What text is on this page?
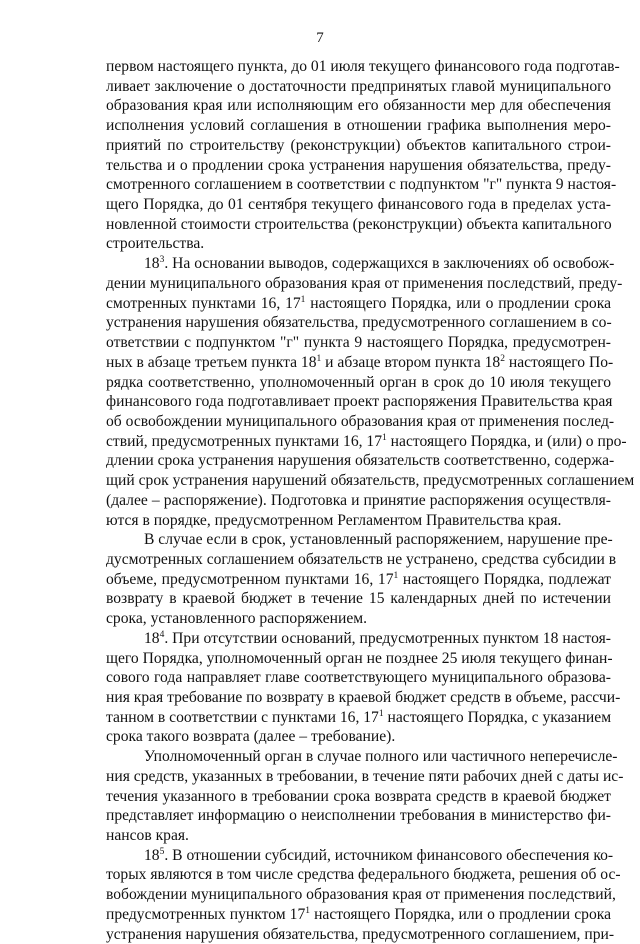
7
первом настоящего пункта, до 01 июля текущего финансового года подготав-
ливает заключение о достаточности предпринятых главой муниципального
образования края или исполняющим его обязанности мер для обеспечения
исполнения условий соглашения в отношении графика выполнения меро-
приятий по строительству (реконструкции) объектов капитального строи-
тельства и о продлении срока устранения нарушения обязательства, преду-
смотренного соглашением в соответствии с подпунктом "г" пункта 9 настоя-
щего Порядка, до 01 сентября текущего финансового года в пределах уста-
новленной стоимости строительства (реконструкции) объекта капитального
строительства.
$18^3$. На основании выводов, содержащихся в заключениях об освобож-
дении муниципального образования края от применения последствий, преду-
смотренных пунктами 16, $17^1$ настоящего Порядка, или о продлении срока
устранения нарушения обязательства, предусмотренного соглашением в со-
ответствии с подпунктом "г" пункта 9 настоящего Порядка, предусмотрен-
ных в абзаце третьем пункта $18^1$ и абзаце втором пункта $18^2$ настоящего По-
рядка соответственно, уполномоченный орган в срок до 10 июля текущего
финансового года подготавливает проект распоряжения Правительства края
об освобождении муниципального образования края от применения послед-
ствий, предусмотренных пунктами 16, $17^1$ настоящего Порядка, и (или) о про-
длении срока устранения нарушения обязательств соответственно, содержа-
щий срок устранения нарушений обязательств, предусмотренных соглашением
(далее – распоряжение). Подготовка и принятие распоряжения осуществля-
ются в порядке, предусмотренном Регламентом Правительства края.
В случае если в срок, установленный распоряжением, нарушение пре-
дусмотренных соглашением обязательств не устранено, средства субсидии в
объеме, предусмотренном пунктами 16, $17^1$ настоящего Порядка, подлежат
возврату в краевой бюджет в течение 15 календарных дней по истечении
срока, установленного распоряжением.
$18^4$. При отсутствии оснований, предусмотренных пунктом 18 настоя-
щего Порядка, уполномоченный орган не позднее 25 июля текущего финан-
сового года направляет главе соответствующего муниципального образова-
ния края требование по возврату в краевой бюджет средств в объеме, рассчи-
танном в соответствии с пунктами 16, $17^1$ настоящего Порядка, с указанием
срока такого возврата (далее – требование).
Уполномоченный орган в случае полного или частичного неперечисле-
ния средств, указанных в требовании, в течение пяти рабочих дней с даты ис-
течения указанного в требовании срока возврата средств в краевой бюджет
представляет информацию о неисполнении требования в министерство фи-
нансов края.
$18^5$. В отношении субсидий, источником финансового обеспечения ко-
торых являются в том числе средства федерального бюджета, решения об ос-
вобождении муниципального образования края от применения последствий,
предусмотренных пунктом $17^1$ настоящего Порядка, или о продлении срока
устранения нарушения обязательства, предусмотренного соглашением, при-
